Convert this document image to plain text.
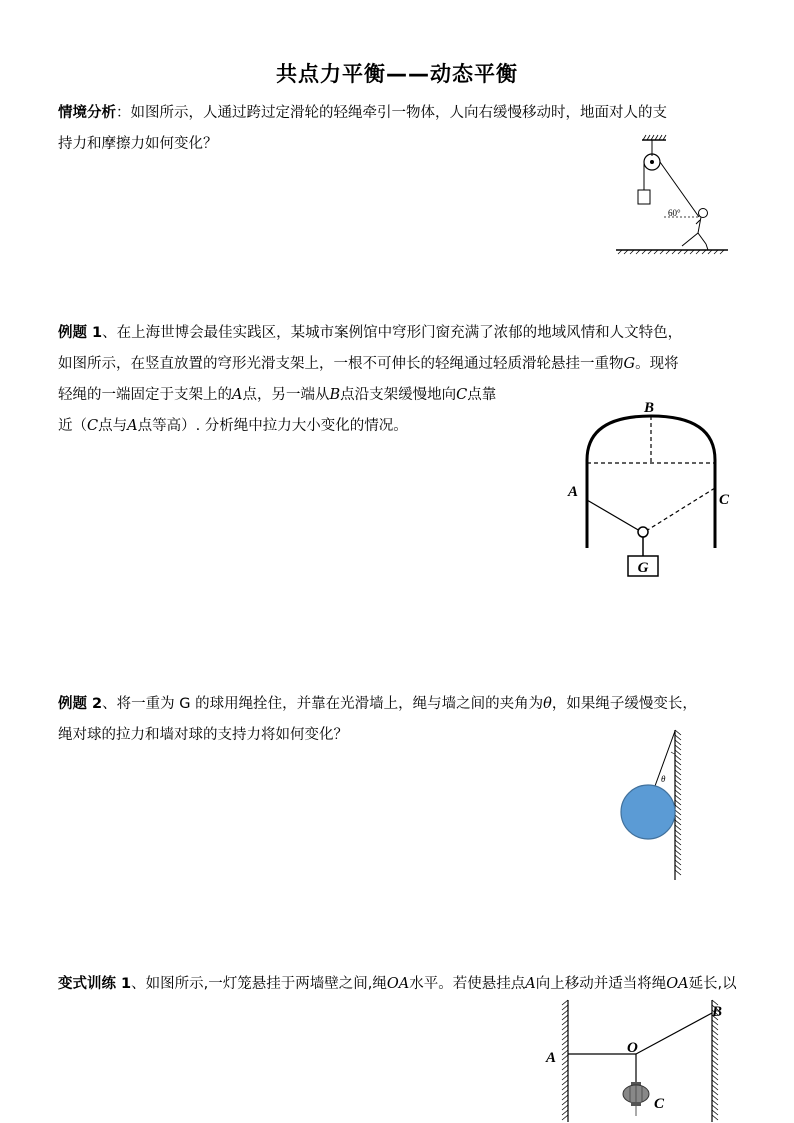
共点力平衡——动态平衡
情境分析：如图所示，人通过跨过定滑轮的轻绳牵引一物体，人向右缓慢移动时，地面对人的支
持力和摩擦力如何变化？
60°
例题 1、在上海世博会最佳实践区，某城市案例馆中穹形门窗充满了浓郁的地域风情和人文特色，
如图所示，在竖直放置的穹形光滑支架上，一根不可伸长的轻绳通过轻质滑轮悬挂一重物G。现将
轻绳的一端固定于支架上的A点，另一端从B点沿支架缓慢地向C点靠
近（C点与A点等高）. 分析绳中拉力大小变化的情况。
G
B
A	C
例题 2、将一重为 G 的球用绳拴住，并靠在光滑墙上，绳与墙之间的夹角为θ，如果绳子缓慢变长，
绳对球的拉力和墙对球的支持力将如何变化？
θ
变式训练 1、如图所示,一灯笼悬挂于两墙壁之间,绳OA水平。若使悬挂点A向上移动并适当将绳OA延长,以
A
O
B
C
